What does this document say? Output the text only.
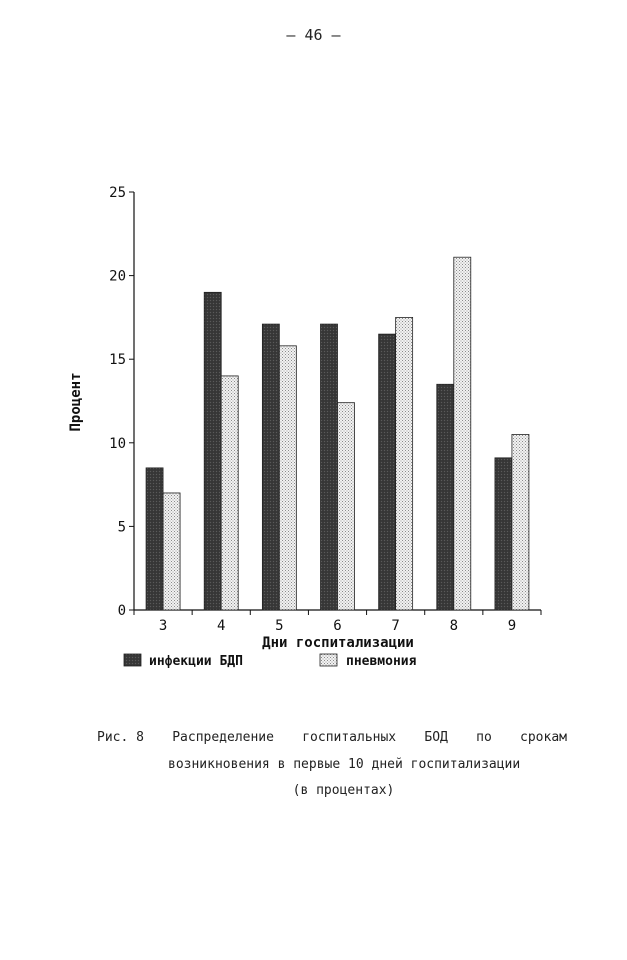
– 46 –
0
5
10
15
20
25
3	4	5	6	7	8	9
Процент
Дни госпитализации
инфекции БДП	пневмония
Рис. 8 Распределение госпитальных БОД по срокам
возникновения в первые 10 дней госпитализации
(в процентах)
